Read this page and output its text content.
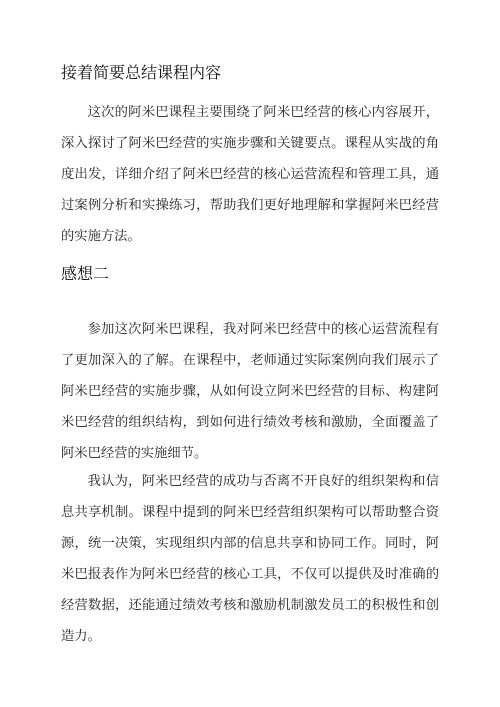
接着简要总结课程内容

这次的阿米巴课程主要围绕了阿米巴经营的核心内容展开，深入探讨了阿米巴经营的实施步骤和关键要点。课程从实战的角度出发，详细介绍了阿米巴经营的核心运营流程和管理工具，通过案例分析和实操练习，帮助我们更好地理解和掌握阿米巴经营的实施方法。

感想二

参加这次阿米巴课程，我对阿米巴经营中的核心运营流程有了更加深入的了解。在课程中，老师通过实际案例向我们展示了阿米巴经营的实施步骤，从如何设立阿米巴经营的目标、构建阿米巴经营的组织结构，到如何进行绩效考核和激励，全面覆盖了阿米巴经营的实施细节。

我认为，阿米巴经营的成功与否离不开良好的组织架构和信息共享机制。课程中提到的阿米巴经营组织架构可以帮助整合资源，统一决策，实现组织内部的信息共享和协同工作。同时，阿米巴报表作为阿米巴经营的核心工具，不仅可以提供及时准确的经营数据，还能通过绩效考核和激励机制激发员工的积极性和创造力。
